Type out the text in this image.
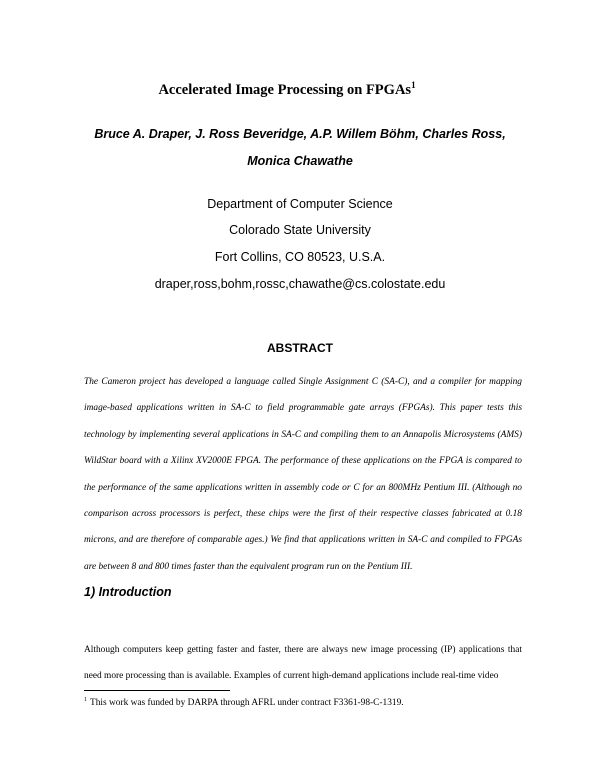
Accelerated Image Processing on FPGAs$^1$
Bruce A. Draper, J. Ross Beveridge, A.P. Willem Böhm, Charles Ross,
Monica Chawathe
Department of Computer Science
Colorado State University
Fort Collins, CO 80523, U.S.A.
draper,ross,bohm,rossc,chawathe@cs.colostate.edu
ABSTRACT
The Cameron project has developed a language called Single Assignment C (SA-C), and a compiler for mapping image-based applications written in SA-C to field programmable gate arrays (FPGAs). This paper tests this technology by implementing several applications in SA-C and compiling them to an Annapolis Microsystems (AMS) WildStar board with a Xilinx XV2000E FPGA. The performance of these applications on the FPGA is compared to the performance of the same applications written in assembly code or C for an 800MHz Pentium III. (Although no comparison across processors is perfect, these chips were the first of their respective classes fabricated at 0.18 microns, and are therefore of comparable ages.) We find that applications written in SA-C and compiled to FPGAs are between 8 and 800 times faster than the equivalent program run on the Pentium III.
1) Introduction
Although computers keep getting faster and faster, there are always new image processing (IP) applications that need more processing than is available. Examples of current high-demand applications include real-time video
$^1$ This work was funded by DARPA through AFRL under contract F3361-98-C-1319.
